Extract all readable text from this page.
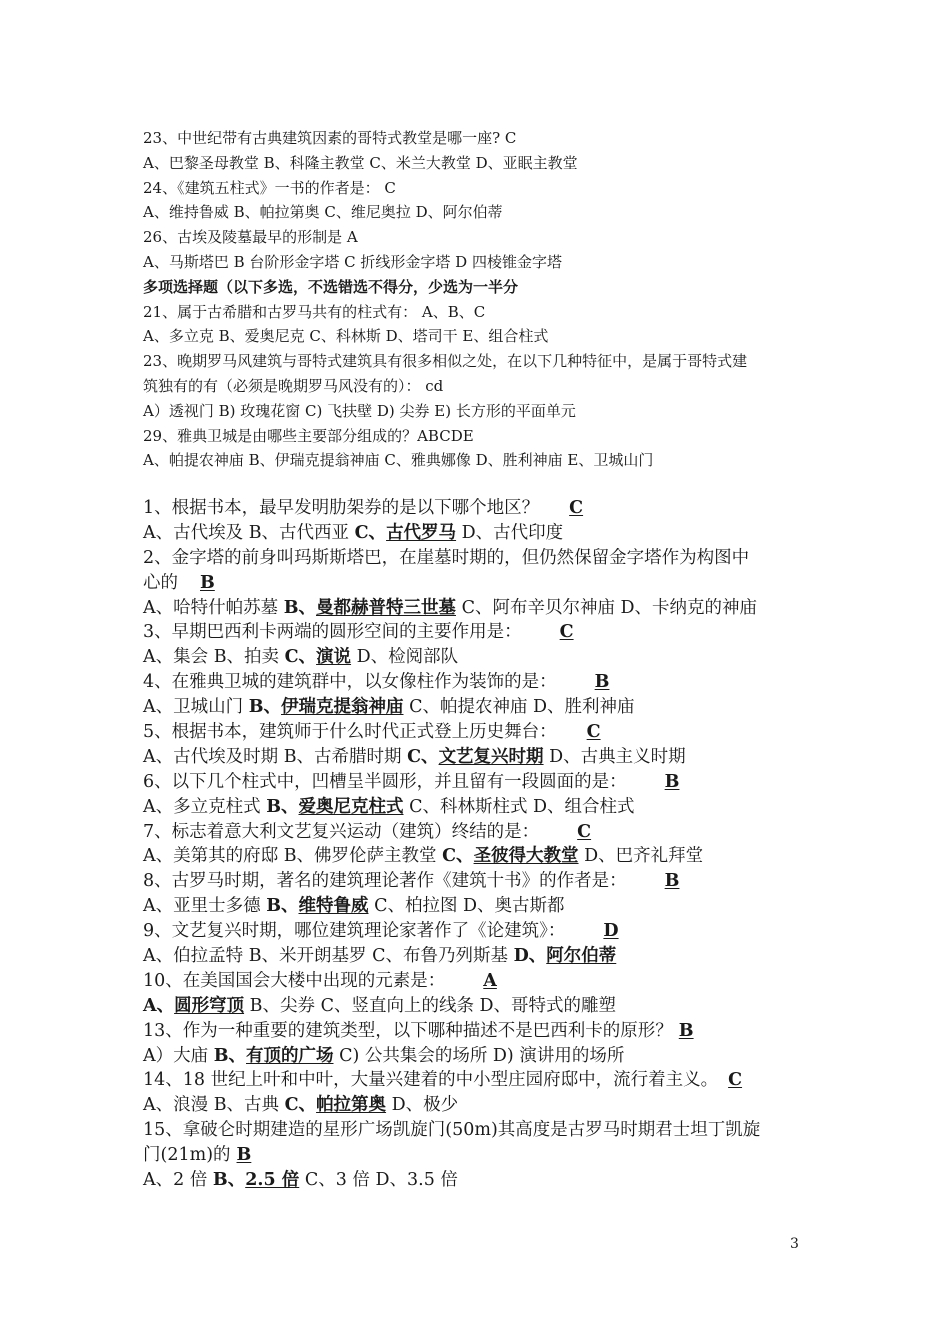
23、中世纪带有古典建筑因素的哥特式教堂是哪一座? C
A、巴黎圣母教堂 B、科隆主教堂 C、米兰大教堂 D、亚眠主教堂
24、《建筑五柱式》一书的作者是： C
A、维持鲁威 B、帕拉第奥 C、维尼奥拉 D、阿尔伯蒂
26、古埃及陵墓最早的形制是 A
A、马斯塔巴 B 台阶形金字塔 C 折线形金字塔 D 四棱锥金字塔
多项选择题（以下多选，不选错选不得分，少选为一半分
21、属于古希腊和古罗马共有的柱式有： A、B、C
A、多立克 B、爱奥尼克 C、科林斯 D、塔司干 E、组合柱式
23、晚期罗马风建筑与哥特式建筑具有很多相似之处，在以下几种特征中，是属于哥特式建
筑独有的有（必须是晚期罗马风没有的）： cd
A）透视门 B) 玫瑰花窗 C) 飞扶壁 D) 尖券 E) 长方形的平面单元
29、雅典卫城是由哪些主要部分组成的？ABCDE
A、帕提农神庙 B、伊瑞克提翁神庙 C、雅典娜像 D、胜利神庙 E、卫城山门
1、根据书本，最早发明肋架券的是以下哪个地区？ C
A、古代埃及 B、古代西亚 C、古代罗马 D、古代印度
2、金字塔的前身叫玛斯斯塔巴，在崖墓时期的，但仍然保留金字塔作为构图中
心的 B
A、哈特什帕苏墓 B、曼都赫普特三世墓 C、阿布辛贝尔神庙 D、卡纳克的神庙
3、早期巴西利卡两端的圆形空间的主要作用是： C
A、集会 B、拍卖 C、演说 D、检阅部队
4、在雅典卫城的建筑群中，以女像柱作为装饰的是： B
A、卫城山门 B、伊瑞克提翁神庙 C、帕提农神庙 D、胜利神庙
5、根据书本，建筑师于什么时代正式登上历史舞台： C
A、古代埃及时期 B、古希腊时期 C、文艺复兴时期 D、古典主义时期
6、以下几个柱式中，凹槽呈半圆形，并且留有一段圆面的是： B
A、多立克柱式 B、爱奥尼克柱式 C、科林斯柱式 D、组合柱式
7、标志着意大利文艺复兴运动（建筑）终结的是： C
A、美第其的府邸 B、佛罗伦萨主教堂 C、圣彼得大教堂 D、巴齐礼拜堂
8、古罗马时期，著名的建筑理论著作《建筑十书》的作者是： B
A、亚里士多德 B、维特鲁威 C、柏拉图 D、奥古斯都
9、文艺复兴时期，哪位建筑理论家著作了《论建筑》： D
A、伯拉孟特 B、米开朗基罗 C、布鲁乃列斯基 D、阿尔伯蒂
10、在美国国会大楼中出现的元素是： A
A、圆形穹顶 B、尖券 C、竖直向上的线条 D、哥特式的雕塑
13、作为一种重要的建筑类型，以下哪种描述不是巴西利卡的原形？ B
A）大庙 B、有顶的广场 C) 公共集会的场所 D) 演讲用的场所
14、18 世纪上叶和中叶，大量兴建着的中小型庄园府邸中，流行着主义。 C
A、浪漫 B、古典 C、帕拉第奥 D、极少
15、拿破仑时期建造的星形广场凯旋门(50m)其高度是古罗马时期君士坦丁凯旋
门(21m)的 B
A、2 倍 B、2.5 倍 C、3 倍 D、3.5 倍
3
